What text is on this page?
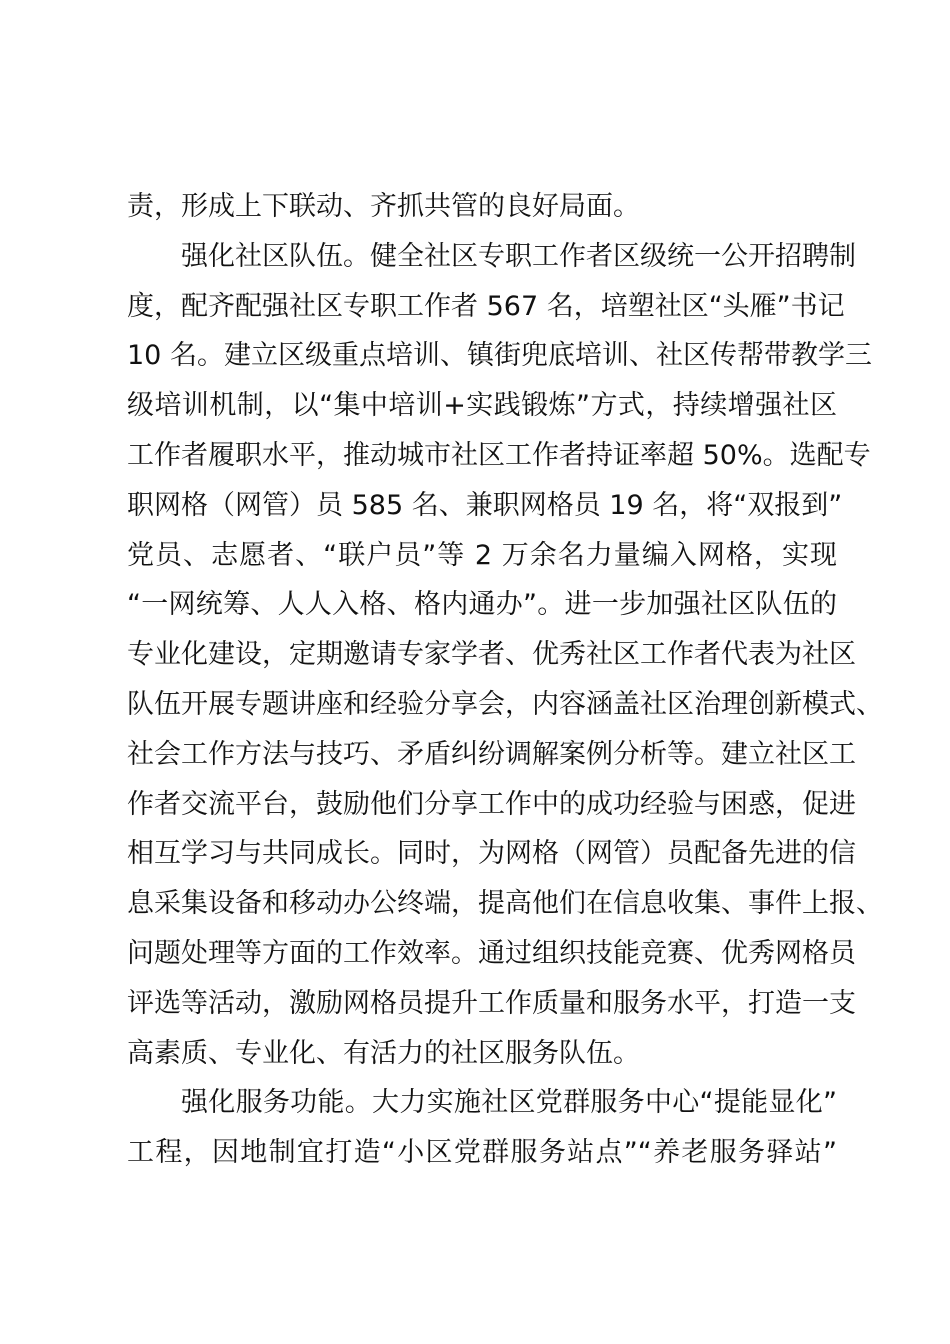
责，形成上下联动、齐抓共管的良好局面。
强化社区队伍。健全社区专职工作者区级统一公开招聘制
度，配齐配强社区专职工作者 567 名，培塑社区“头雁”书记
10 名。建立区级重点培训、镇街兜底培训、社区传帮带教学三
级培训机制，以“集中培训+实践锻炼”方式，持续增强社区
工作者履职水平，推动城市社区工作者持证率超 50%。选配专
职网格（网管）员 585 名、兼职网格员 19 名，将“双报到”
党员、志愿者、“联户员”等 2 万余名力量编入网格，实现
“一网统筹、人人入格、格内通办”。进一步加强社区队伍的
专业化建设，定期邀请专家学者、优秀社区工作者代表为社区
队伍开展专题讲座和经验分享会，内容涵盖社区治理创新模式、
社会工作方法与技巧、矛盾纠纷调解案例分析等。建立社区工
作者交流平台，鼓励他们分享工作中的成功经验与困惑，促进
相互学习与共同成长。同时，为网格（网管）员配备先进的信
息采集设备和移动办公终端，提高他们在信息收集、事件上报、
问题处理等方面的工作效率。通过组织技能竞赛、优秀网格员
评选等活动，激励网格员提升工作质量和服务水平，打造一支
高素质、专业化、有活力的社区服务队伍。
强化服务功能。大力实施社区党群服务中心“提能显化”
工程，因地制宜打造“小区党群服务站点”“养老服务驿站”
